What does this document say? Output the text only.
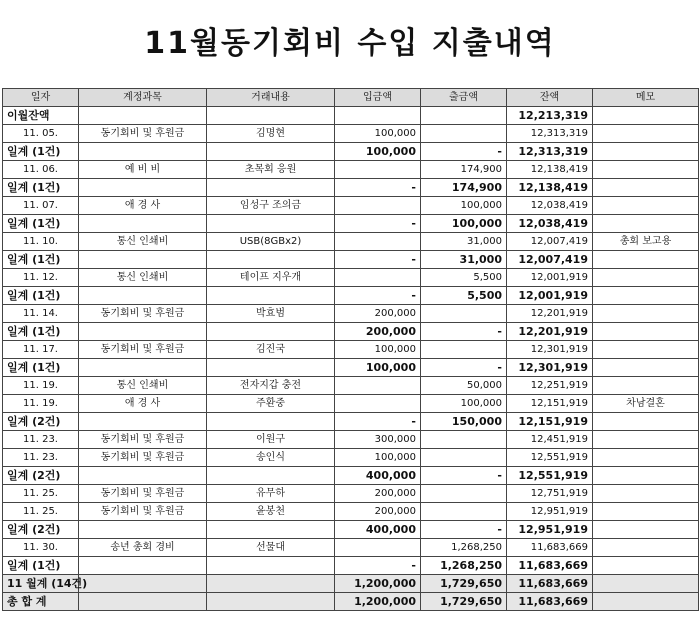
11월동기회비 수입 지출내역
일자	계정과목	거래내용	입금액	출금액	잔액	메모
이월잔액					12,213,319	
11. 05.	동기회비 및 후원금	김명현	100,000		12,313,319	
일계 (1건)			100,000	-	12,313,319	
11. 06.	예 비 비	초목회 응원		174,900	12,138,419	
일계 (1건)			-	174,900	12,138,419	
11. 07.	애 경 사	임성구 조의금		100,000	12,038,419	
일계 (1건)			-	100,000	12,038,419	
11. 10.	통신 인쇄비	USB(8GBx2)		31,000	12,007,419	총회 보고용
일계 (1건)			-	31,000	12,007,419	
11. 12.	통신 인쇄비	테이프 지우개		5,500	12,001,919	
일계 (1건)			-	5,500	12,001,919	
11. 14.	동기회비 및 후원금	박효범	200,000		12,201,919	
일계 (1건)			200,000	-	12,201,919	
11. 17.	동기회비 및 후원금	김진국	100,000		12,301,919	
일계 (1건)			100,000	-	12,301,919	
11. 19.	통신 인쇄비	전자지갑 충전		50,000	12,251,919	
11. 19.	애 경 사	주환중		100,000	12,151,919	차남결혼
일계 (2건)			-	150,000	12,151,919	
11. 23.	동기회비 및 후원금	이원구	300,000		12,451,919	
11. 23.	동기회비 및 후원금	송인식	100,000		12,551,919	
일계 (2건)			400,000	-	12,551,919	
11. 25.	동기회비 및 후원금	유무하	200,000		12,751,919	
11. 25.	동기회비 및 후원금	윤봉천	200,000		12,951,919	
일계 (2건)			400,000	-	12,951,919	
11. 30.	송년 총회 경비	선물대		1,268,250	11,683,669	
일계 (1건)			-	1,268,250	11,683,669	
11 월계 (14건)			1,200,000	1,729,650	11,683,669	
총 합 계			1,200,000	1,729,650	11,683,669	
